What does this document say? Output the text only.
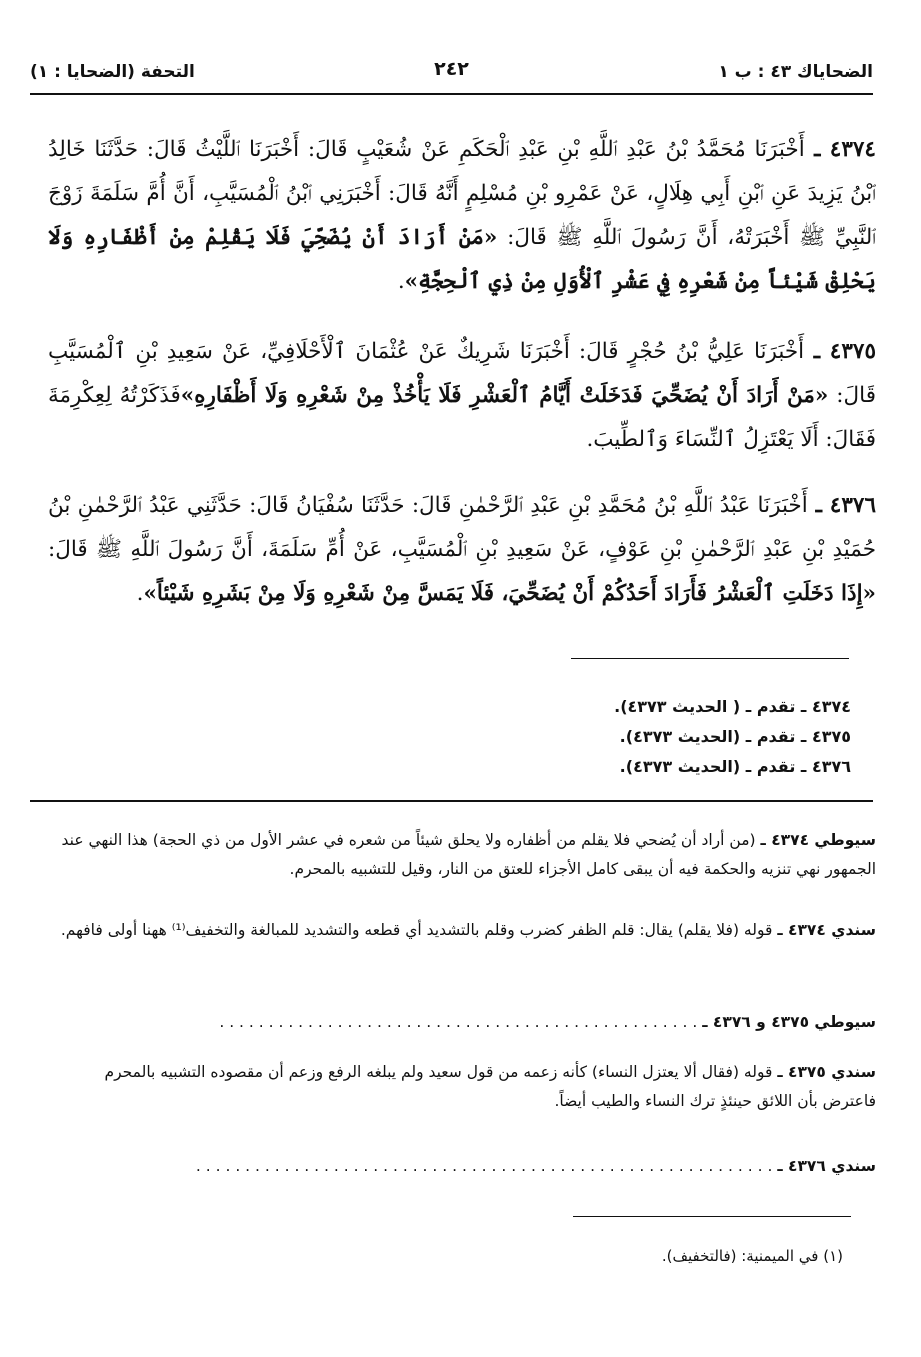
الضحاياك ٤٣ : ب ١
٢٤٢
التحفة (الضحايا : ١)
٤٣٧٤ ـ أَخْبَرَنَا مُحَمَّدُ بْنُ عَبْدِ ٱللَّهِ بْنِ عَبْدِ ٱلْحَكَمِ عَنْ شُعَيْبٍ قَالَ: أَخْبَرَنَا ٱللَّيْثُ قَالَ: حَدَّثَنَا خَالِدُ ٱبْنُ يَزِيدَ عَنِ ٱبْنِ أَبِي هِلَالٍ، عَنْ عَمْرِو بْنِ مُسْلِمٍ أَنَّهُ قَالَ: أَخْبَرَنِي ٱبْنُ ٱلْمُسَيَّبِ، أَنَّ أُمَّ سَلَمَةَ زَوْجَ ٱلنَّبِيِّ ﷺ أَخْبَرَتْهُ، أَنَّ رَسُولَ ٱللَّهِ ﷺ قَالَ: «مَنْ أَرَادَ أَنْ يُضَحِّيَ فَلَا يَقْلِمْ مِنْ أَظْفَارِهِ وَلَا يَحْلِقْ شَيْئاً مِنْ شَعْرِهِ فِي عَشْرِ ٱلْأُوَلِ مِنْ ذِي ٱلْحِجَّةِ».
٤٣٧٥ ـ أَخْبَرَنَا عَلِيُّ بْنُ حُجْرٍ قَالَ: أَخْبَرَنَا شَرِيكٌ عَنْ عُثْمَانَ ٱلْأَحْلَافِيِّ، عَنْ سَعِيدِ بْنِ ٱلْمُسَيَّبِ قَالَ: «مَنْ أَرَادَ أَنْ يُضَحِّيَ فَدَخَلَتْ أَيَّامُ ٱلْعَشْرِ فَلَا يَأْخُذْ مِنْ شَعْرِهِ وَلَا أَظْفَارِهِ»فَذَكَرْتُهُ لِعِكْرِمَةَ فَقَالَ: أَلَا يَعْتَزِلُ ٱلنِّسَاءَ وَٱلطِّيبَ.
٤٣٧٦ ـ أَخْبَرَنَا عَبْدُ ٱللَّهِ بْنُ مُحَمَّدِ بْنِ عَبْدِ ٱلرَّحْمٰنِ قَالَ: حَدَّثَنَا سُفْيَانُ قَالَ: حَدَّثَنِي عَبْدُ ٱلرَّحْمٰنِ بْنُ حُمَيْدِ بْنِ عَبْدِ ٱلرَّحْمٰنِ بْنِ عَوْفٍ، عَنْ سَعِيدِ بْنِ ٱلْمُسَيَّبِ، عَنْ أُمِّ سَلَمَةَ، أَنَّ رَسُولَ ٱللَّهِ ﷺ قَالَ: «إِذَا دَخَلَتِ ٱلْعَشْرُ فَأَرَادَ أَحَدُكُمْ أَنْ يُضَحِّيَ، فَلَا يَمَسَّ مِنْ شَعْرِهِ وَلَا مِنْ بَشَرِهِ شَيْئاً».
٤٣٧٤ ـ تقدم ـ ( الحديث ٤٣٧٣).
٤٣٧٥ ـ تقدم ـ (الحديث ٤٣٧٣).
٤٣٧٦ ـ تقدم ـ (الحديث ٤٣٧٣).
سيوطي ٤٣٧٤ ـ (من أراد أن يُضحي فلا يقلم من أظفاره ولا يحلق شيئاً من شعره في عشر الأول من ذي الحجة) هذا النهي عند الجمهور نهي تنزيه والحكمة فيه أن يبقى كامل الأجزاء للعتق من النار، وقيل للتشبيه بالمحرم.
سندي ٤٣٧٤ ـ قوله (فلا يقلم) يقال: قلم الظفر كضرب وقلم بالتشديد أي قطعه والتشديد للمبالغة والتخفيف⁽¹⁾ ههنا أولى فافهم.
سيوطي ٤٣٧٥ و ٤٣٧٦ ـ . . . . . . . . . . . . . . . . . . . . . . . . . . . . . . . . . . . . . . . . . . . . . . . . .
سندي ٤٣٧٥ ـ قوله (فقال ألا يعتزل النساء) كأنه زعمه من قول سعيد ولم يبلغه الرفع وزعم أن مقصوده التشبيه بالمحرم فاعترض بأن اللائق حينئذٍ ترك النساء والطيب أيضاً.
سندي ٤٣٧٦ ـ . . . . . . . . . . . . . . . . . . . . . . . . . . . . . . . . . . . . . . . . . . . . . . . . . . . . . . . . . . .
(١) في الميمنية: (فالتخفيف).
